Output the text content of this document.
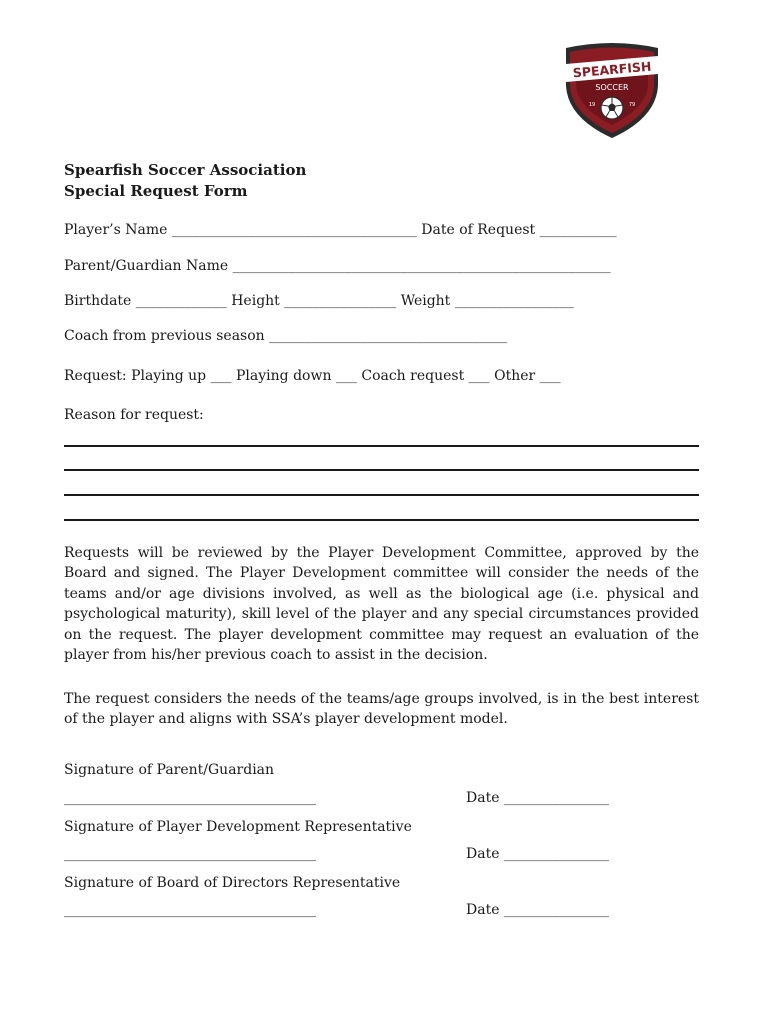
SPEARFISH
SOCCER
19	79
Spearfish Soccer Association
Special Request Form
Player’s Name ___________________________________ Date of Request ___________
Parent/Guardian Name ______________________________________________________
Birthdate _____________ Height ________________ Weight _________________
Coach from previous season __________________________________
Request: Playing up ___ Playing down ___ Coach request ___ Other ___
Reason for request:

Requests will be reviewed by the Player Development Committee, approved by the Board and signed. The Player Development committee will consider the needs of the teams and/or age divisions involved, as well as the biological age (i.e. physical and psychological maturity), skill level of the player and any special circumstances provided on the request. The player development committee may request an evaluation of the player from his/her previous coach to assist in the decision.

The request considers the needs of the teams/age groups involved, is in the best interest of the player and aligns with SSA’s player development model.

Signature of Parent/Guardian
____________________________________	Date _______________
Signature of Player Development Representative
____________________________________	Date _______________
Signature of Board of Directors Representative
____________________________________	Date _______________
